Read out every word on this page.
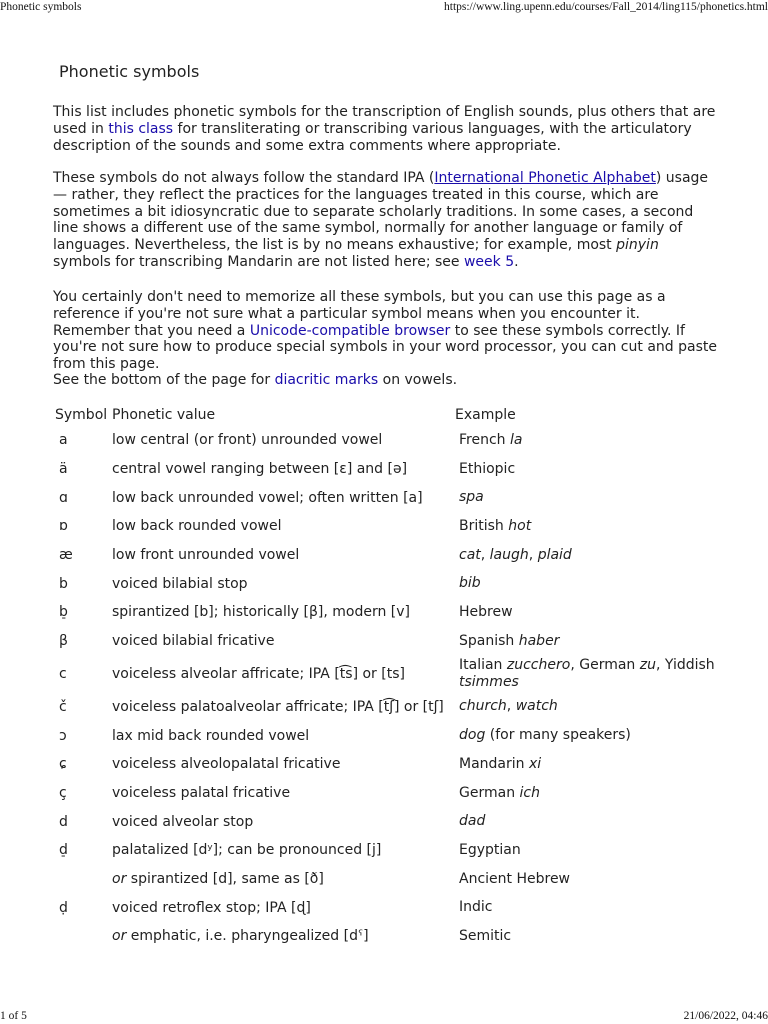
Phonetic symbols	https://www.ling.upenn.edu/courses/Fall_2014/ling115/phonetics.html
Phonetic symbols

This list includes phonetic symbols for the transcription of English sounds, plus others that are used in this class for transliterating or transcribing various languages, with the articulatory description of the sounds and some extra comments where appropriate.

These symbols do not always follow the standard IPA (International Phonetic Alphabet) usage — rather, they reflect the practices for the languages treated in this course, which are sometimes a bit idiosyncratic due to separate scholarly traditions. In some cases, a second line shows a different use of the same symbol, normally for another language or family of languages. Nevertheless, the list is by no means exhaustive; for example, most pinyin symbols for transcribing Mandarin are not listed here; see week 5.

You certainly don't need to memorize all these symbols, but you can use this page as a reference if you're not sure what a particular symbol means when you encounter it. Remember that you need a Unicode-compatible browser to see these symbols correctly. If you're not sure how to produce special symbols in your word processor, you can cut and paste from this page.

See the bottom of the page for diacritic marks on vowels.

Symbol	Phonetic value	Example
a	low central (or front) unrounded vowel	French la
ä	central vowel ranging between [ɛ] and [ə]	Ethiopic
ɑ	low back unrounded vowel; often written [a]	spa
ɒ	low back rounded vowel	British hot
æ	low front unrounded vowel	cat, laugh, plaid
b	voiced bilabial stop	bib
b̠	spirantized [b]; historically [β], modern [v]	Hebrew
β	voiced bilabial fricative	Spanish haber
c	voiceless alveolar affricate; IPA [t͡s] or [ts]	Italian zucchero, German zu, Yiddish tsimmes
č	voiceless palatoalveolar affricate; IPA [t͡ʃ] or [tʃ]	church, watch
ɔ	lax mid back rounded vowel	dog (for many speakers)
ɕ	voiceless alveolopalatal fricative	Mandarin xi
ç	voiceless palatal fricative	German ich
d	voiced alveolar stop	dad
d̠	palatalized [dʸ]; can be pronounced [j]	Egyptian
	or spirantized [d], same as [ð]	Ancient Hebrew
ḍ	voiced retroflex stop; IPA [ɖ]	Indic
	or emphatic, i.e. pharyngealized [dˤ]	Semitic
1 of 5	21/06/2022, 04:46
